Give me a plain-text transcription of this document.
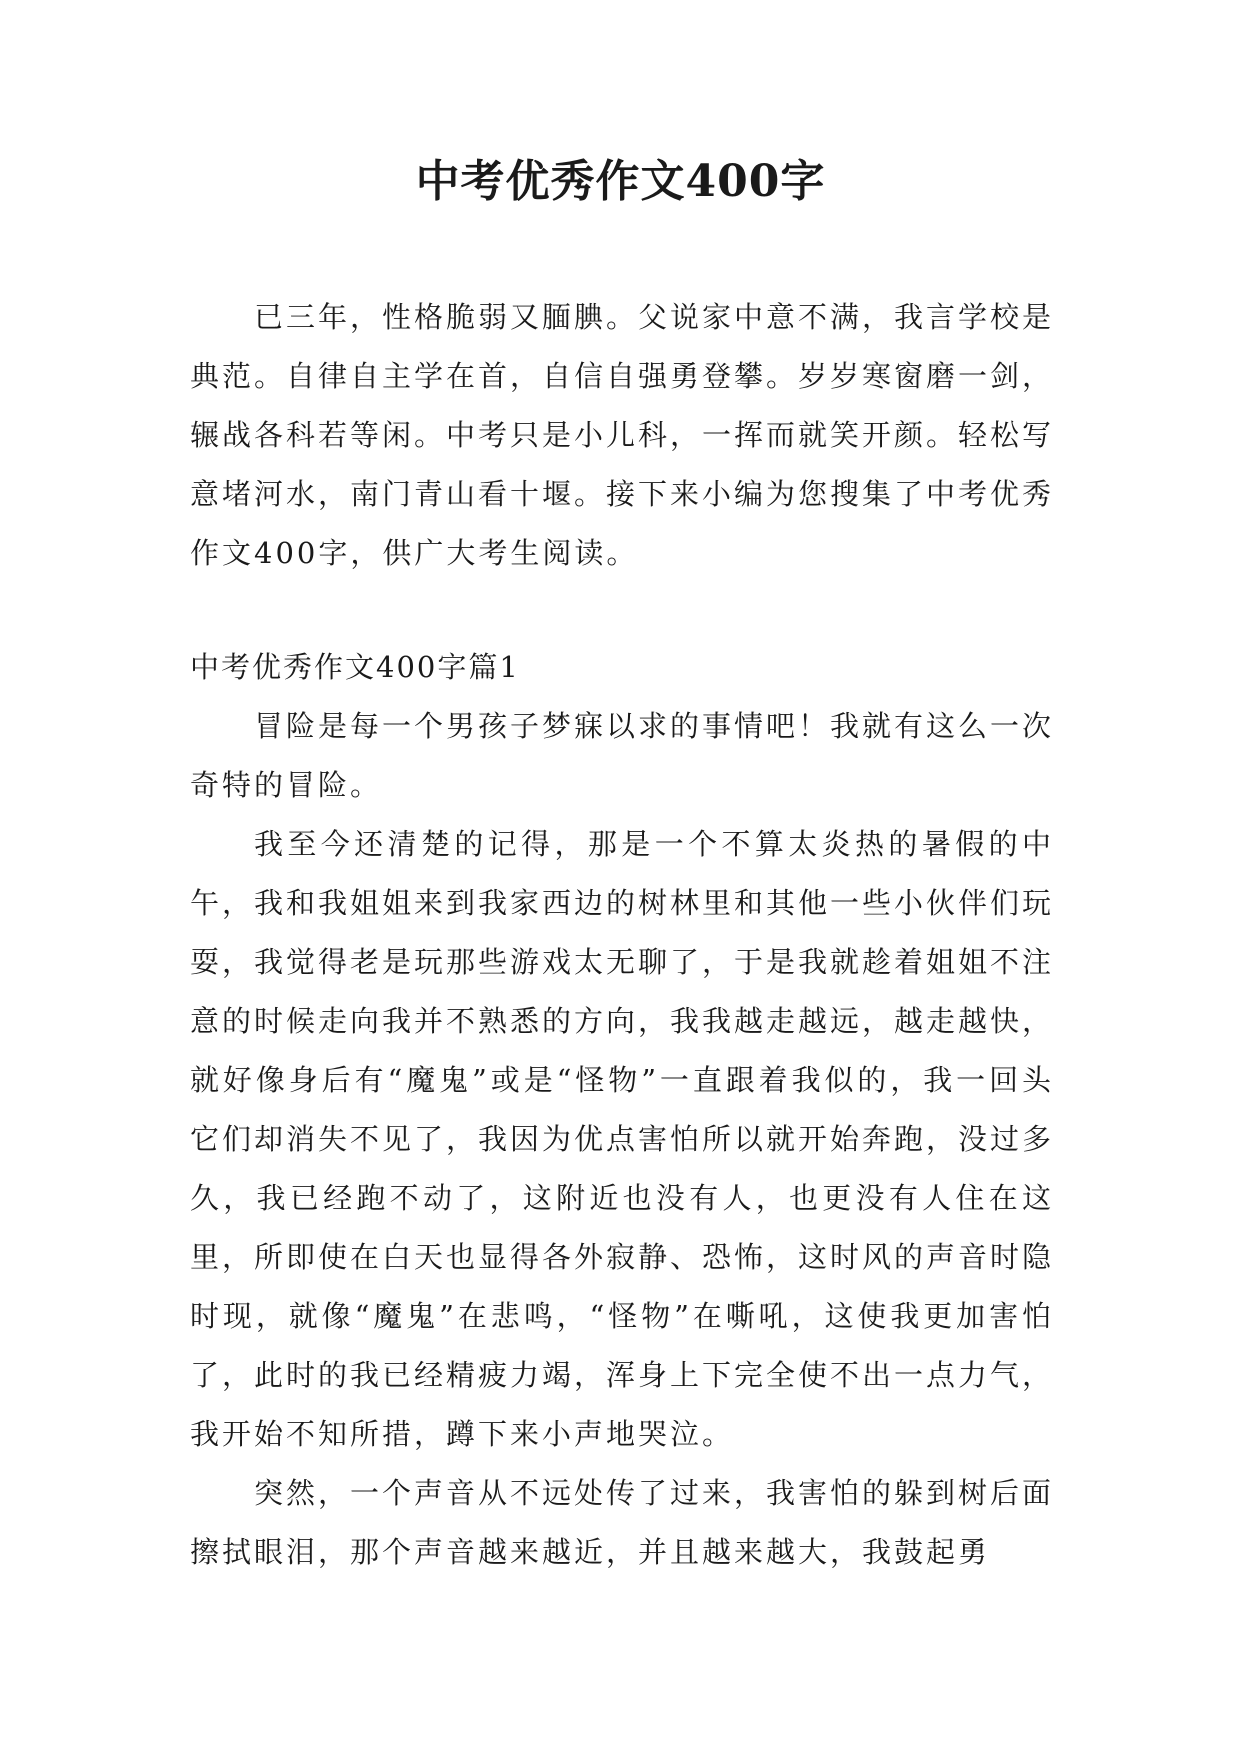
中考优秀作文400字

已三年，性格脆弱又腼腆。父说家中意不满，我言学校是典范。自律自主学在首，自信自强勇登攀。岁岁寒窗磨一剑，辗战各科若等闲。中考只是小儿科，一挥而就笑开颜。轻松写意堵河水，南门青山看十堰。接下来小编为您搜集了中考优秀作文400字，供广大考生阅读。

中考优秀作文400字篇1

冒险是每一个男孩子梦寐以求的事情吧！我就有这么一次奇特的冒险。

我至今还清楚的记得，那是一个不算太炎热的暑假的中午，我和我姐姐来到我家西边的树林里和其他一些小伙伴们玩耍，我觉得老是玩那些游戏太无聊了，于是我就趁着姐姐不注意的时候走向我并不熟悉的方向，我我越走越远，越走越快，就好像身后有“魔鬼”或是“怪物”一直跟着我似的，我一回头它们却消失不见了，我因为优点害怕所以就开始奔跑，没过多久，我已经跑不动了，这附近也没有人，也更没有人住在这里，所即使在白天也显得各外寂静、恐怖，这时风的声音时隐时现，就像“魔鬼”在悲鸣，“怪物”在嘶吼，这使我更加害怕了，此时的我已经精疲力竭，浑身上下完全使不出一点力气，我开始不知所措，蹲下来小声地哭泣。

突然，一个声音从不远处传了过来，我害怕的躲到树后面擦拭眼泪，那个声音越来越近，并且越来越大，我鼓起勇
